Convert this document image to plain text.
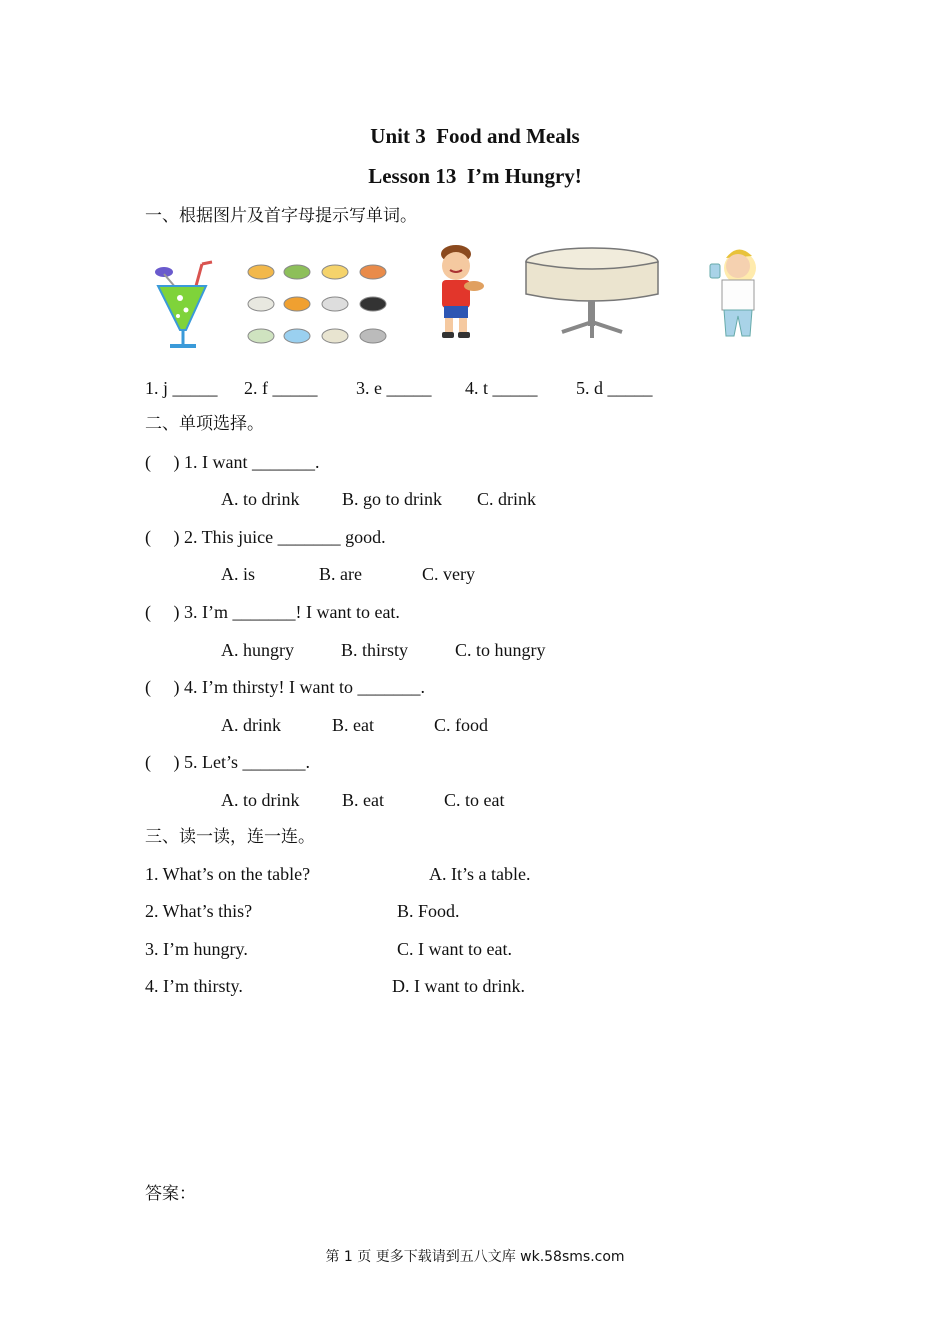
Unit 3  Food and Meals
Lesson 13  I’m Hungry!
一、根据图片及首字母提示写单词。
1. j _____ 2. f _____ 3. e _____ 4. t _____ 5. d _____
二、单项选择。
(     ) 1. I want _______.
A. to drink B. go to drink C. drink
(     ) 2. This juice _______ good.
A. is	B. are	C. very
(     ) 3. I’m _______! I want to eat.
A. hungry	B. thirsty	C. to hungry
(     ) 4. I’m thirsty! I want to _______.
A. drink	B. eat	C. food
(     ) 5. Let’s _______.
A. to drink B. eat	C. to eat
三、读一读，连一连。
1. What’s on the table?	A. It’s a table.
2. What’s this?	B. Food.
3. I’m hungry.	C. I want to eat.
4. I’m thirsty.	D. I want to drink.
答案：
第 1 页 更多下载请到五八文库 wk.58sms.com
